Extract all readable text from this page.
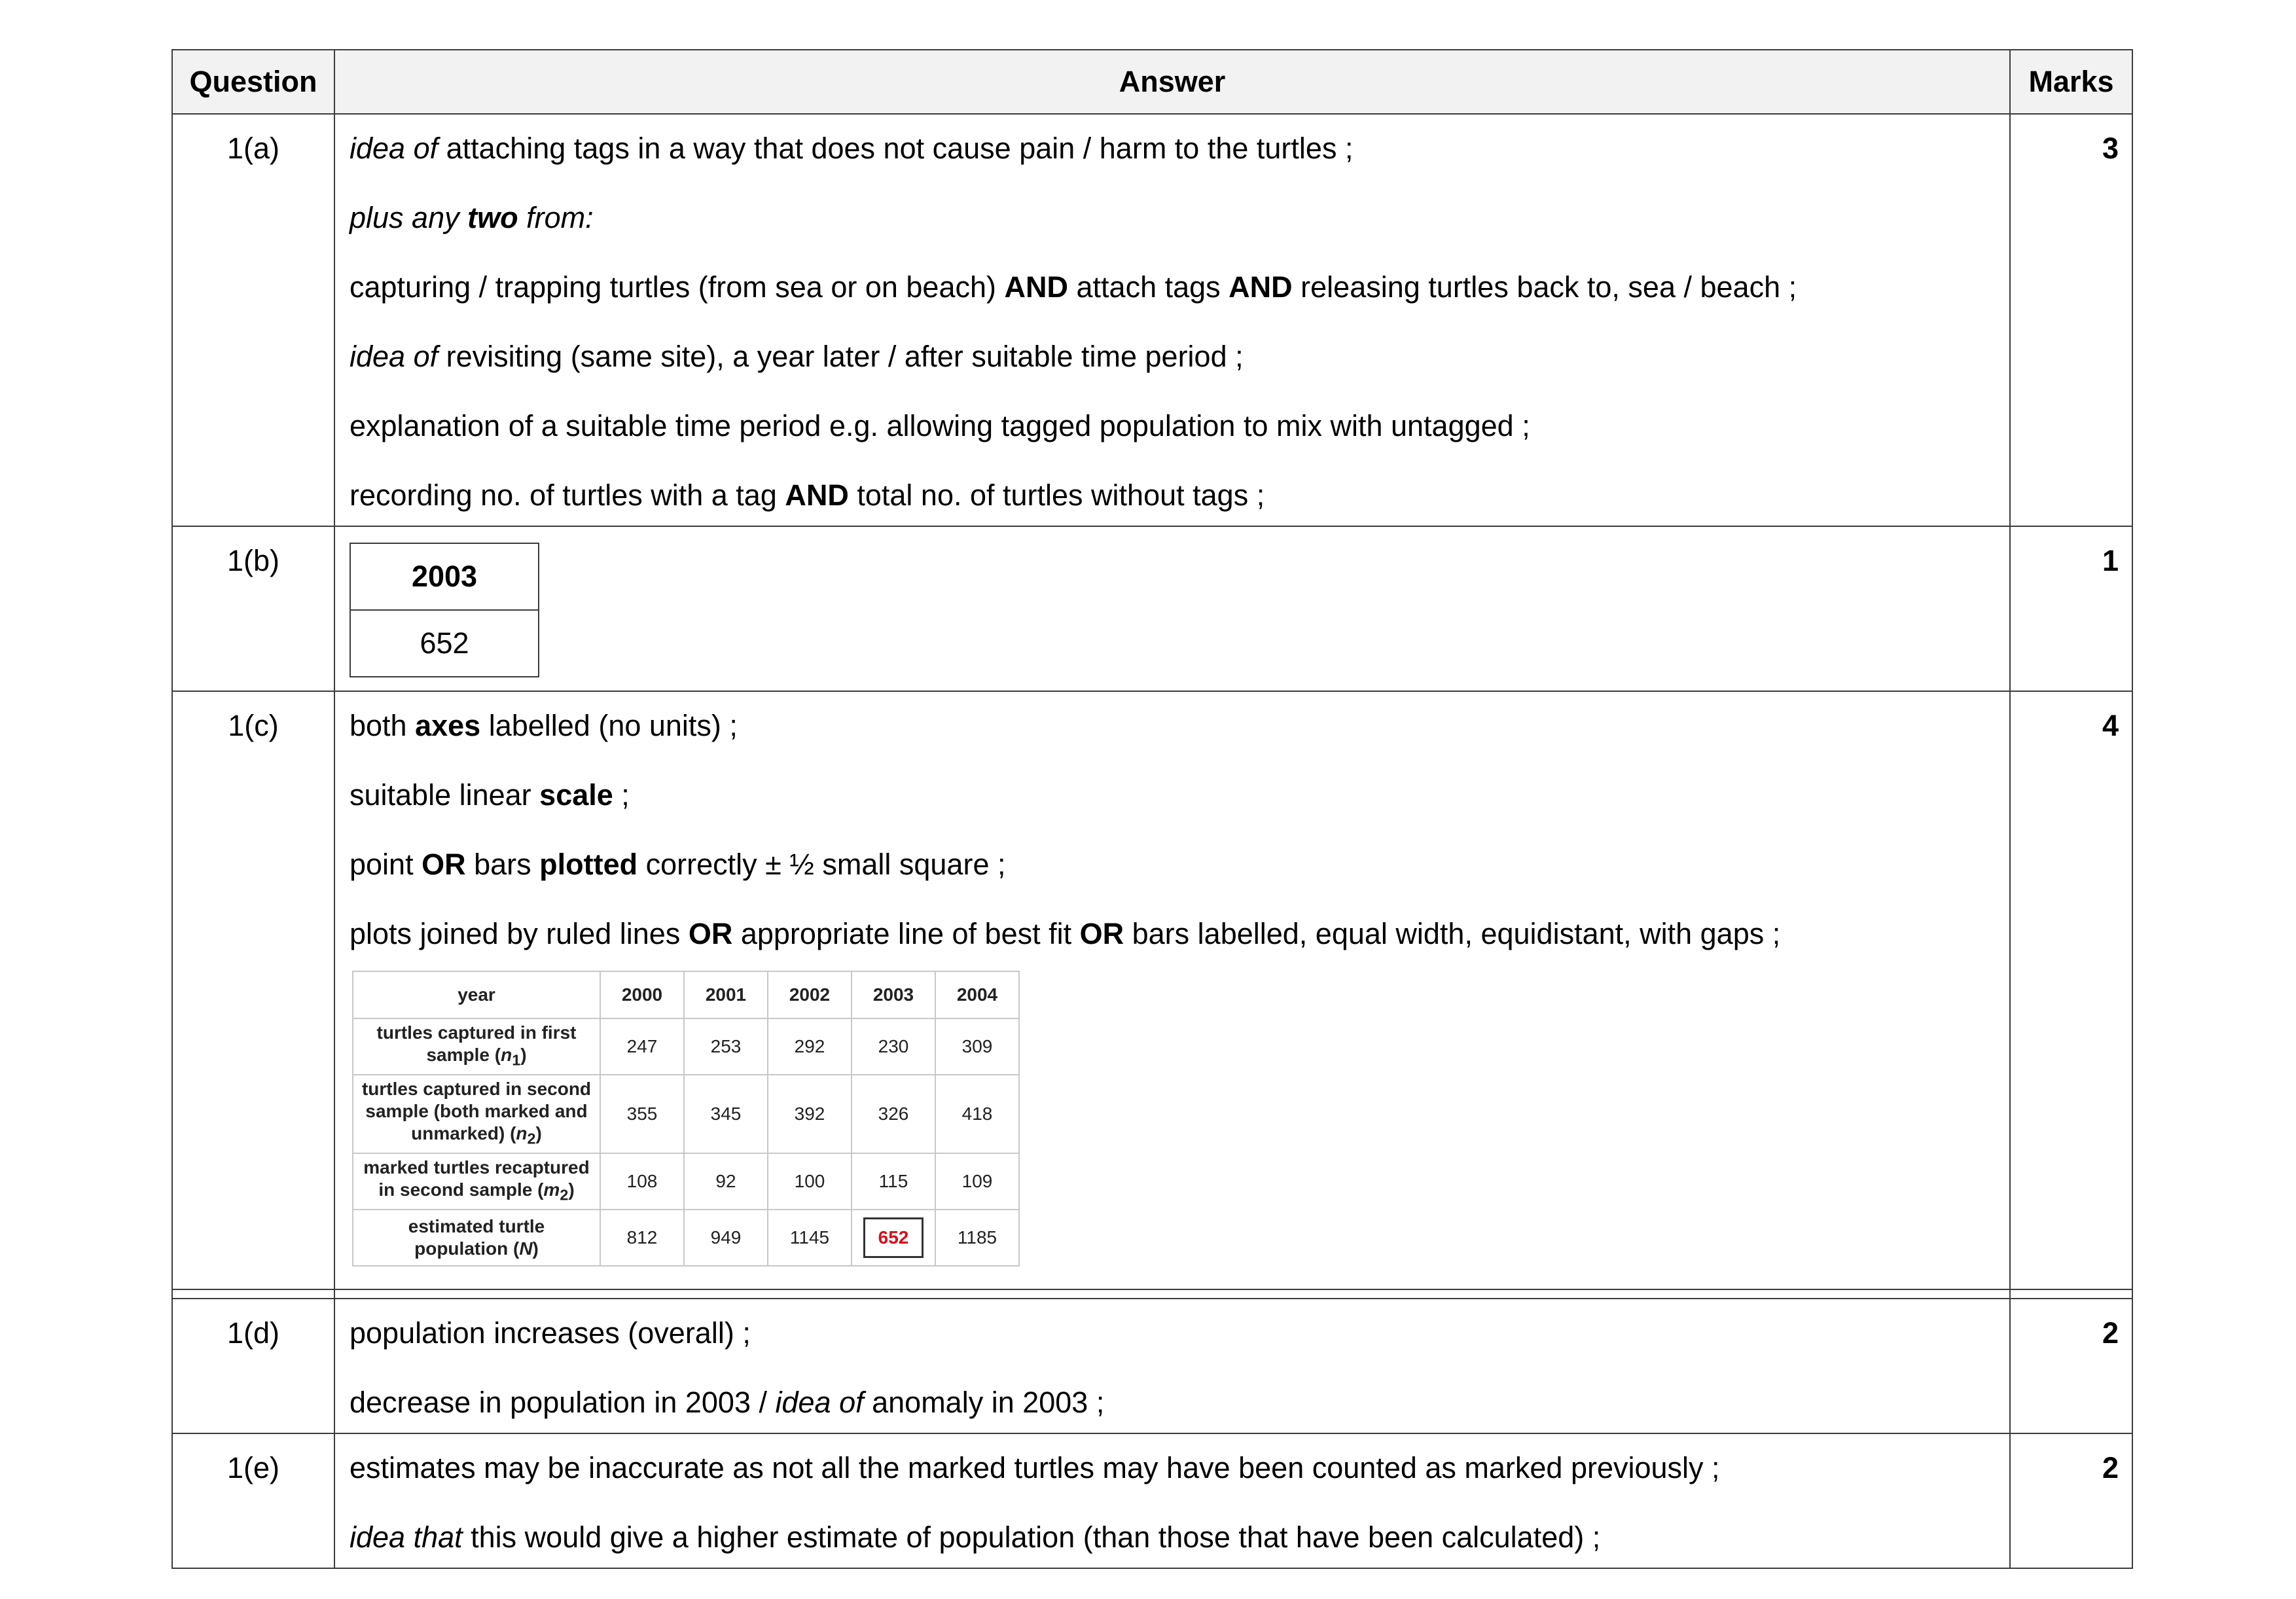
Question	Answer	Marks
1(a)	idea of attaching tags in a way that does not cause pain / harm to the turtles ;

plus any two from:

capturing / trapping turtles (from sea or on beach) AND attach tags AND releasing turtles back to, sea / beach ;

idea of revisiting (same site), a year later / after suitable time period ;

explanation of a suitable time period e.g. allowing tagged population to mix with untagged ;

recording no. of turtles with a tag AND total no. of turtles without tags ;

	3
1(b)		2003
652
	1
1(c)	both axes labelled (no units) ;

suitable linear scale ;

point OR bars plotted correctly ± ½ small square ;

plots joined by ruled lines OR appropriate line of best fit OR bars labelled, equal width, equidistant, with gaps ;

year	2000	2001	2002	2003	2004
turtles captured in first
sample $(n_1)$	247	253	292	230	309
turtles captured in second
sample (both marked and
unmarked) $(n_2)$	355	345	392	326	418
marked turtles recaptured
in second sample $(m_2)$	108	92	100	115	109
estimated turtle
population (N)	812	949	1145	652	1185
	4

1(d)	population increases (overall) ;

decrease in population in 2003 / idea of anomaly in 2003 ;

	2
1(e)	estimates may be inaccurate as not all the marked turtles may have been counted as marked previously ;

idea that this would give a higher estimate of population (than those that have been calculated) ;

	2
